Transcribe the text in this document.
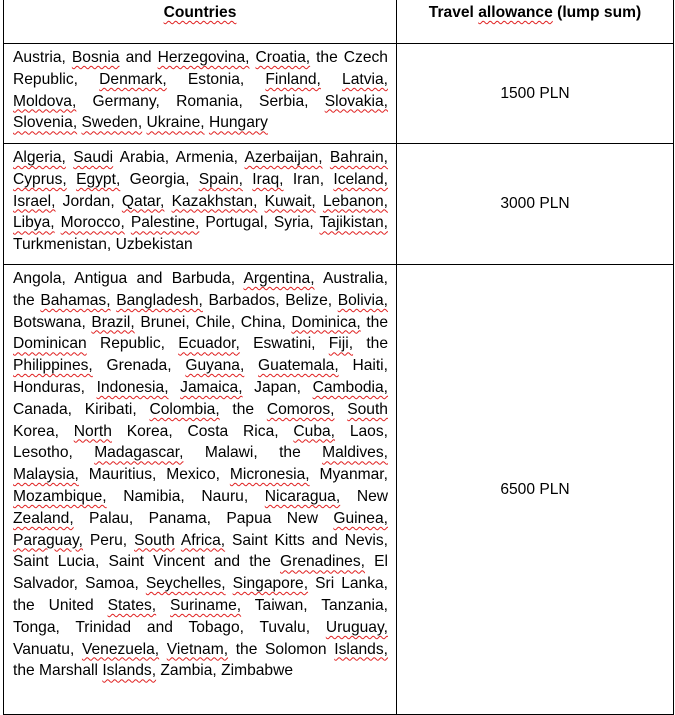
Countries	Travel allowance (lump sum)
Austria, Bosnia and Herzegovina, Croatia, the Czech Republic, Denmark, Estonia, Finland, Latvia, Moldova, Germany, Romania, Serbia, Slovakia, Slovenia, Sweden, Ukraine, Hungary	1500 PLN
Algeria, Saudi Arabia, Armenia, Azerbaijan, Bahrain, Cyprus, Egypt, Georgia, Spain, Iraq, Iran, Iceland, Israel, Jordan, Qatar, Kazakhstan, Kuwait, Lebanon, Libya, Morocco, Palestine, Portugal, Syria, Tajikistan, Turkmenistan, Uzbekistan	3000 PLN
Angola, Antigua and Barbuda, Argentina, Australia, the Bahamas, Bangladesh, Barbados, Belize, Bolivia, Botswana, Brazil, Brunei, Chile, China, Dominica, the Dominican Republic, Ecuador, Eswatini, Fiji, the Philippines, Grenada, Guyana, Guatemala, Haiti, Honduras, Indonesia, Jamaica, Japan, Cambodia, Canada, Kiribati, Colombia, the Comoros, South Korea, North Korea, Costa Rica, Cuba, Laos, Lesotho, Madagascar, Malawi, the Maldives, Malaysia, Mauritius, Mexico, Micronesia, Myanmar, Mozambique, Namibia, Nauru, Nicaragua, New Zealand, Palau, Panama, Papua New Guinea, Paraguay, Peru, South Africa, Saint Kitts and Nevis, Saint Lucia, Saint Vincent and the Grenadines, El Salvador, Samoa, Seychelles, Singapore, Sri Lanka, the United States, Suriname, Taiwan, Tanzania, Tonga, Trinidad and Tobago, Tuvalu, Uruguay, Vanuatu, Venezuela, Vietnam, the Solomon Islands, the Marshall Islands, Zambia, Zimbabwe	6500 PLN
